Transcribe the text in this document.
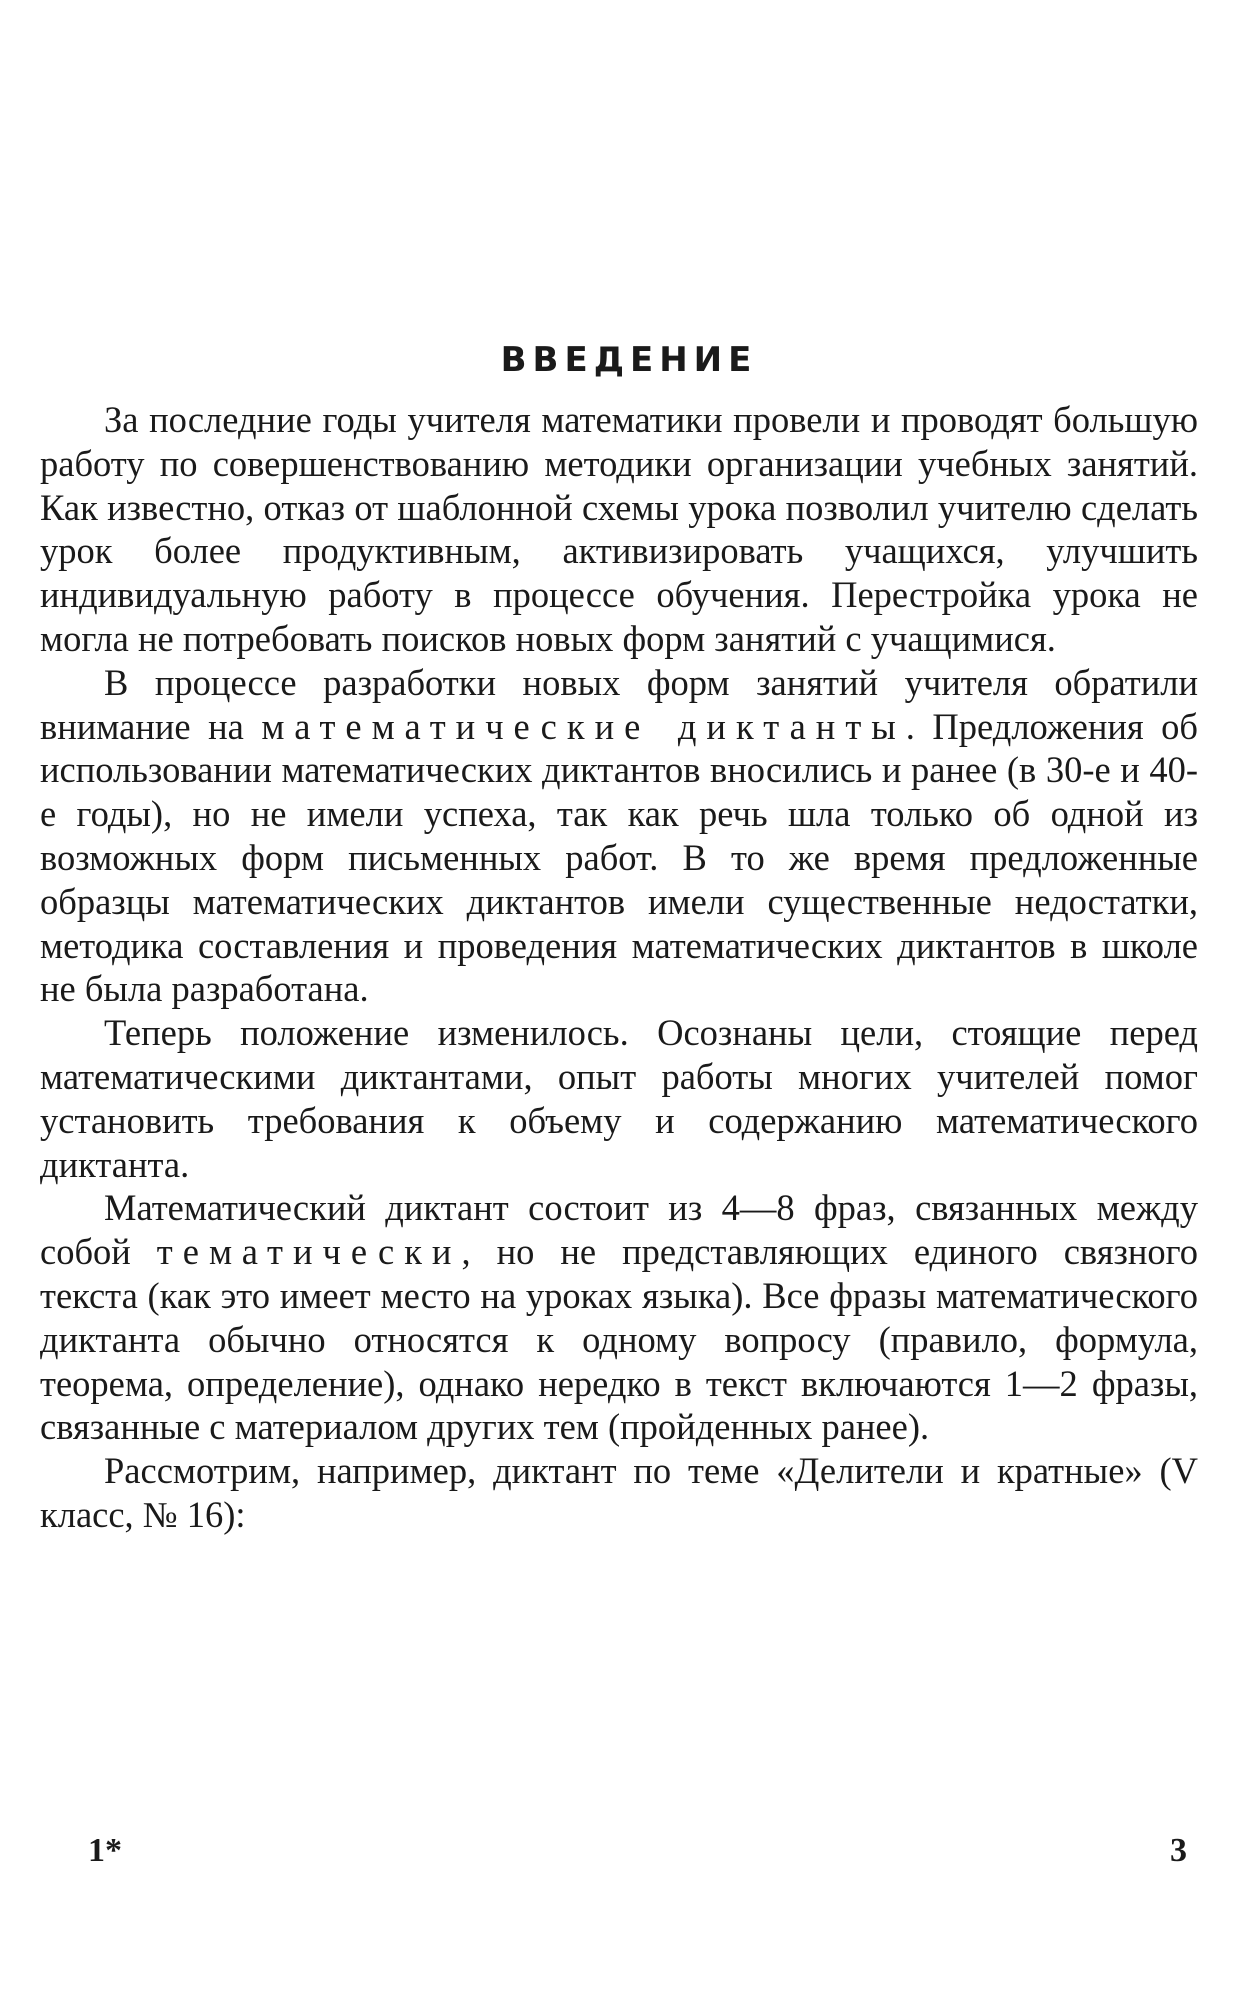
ВВЕДЕНИЕ

За последние годы учителя математики провели и проводят большую работу по совершенствованию методики организации учебных занятий. Как известно, отказ от шаблонной схемы урока позволил учителю сделать урок более продуктивным, активизировать учащихся, улучшить индивидуальную работу в процессе обучения. Перестройка урока не могла не потребовать поисков новых форм занятий с учащимися.

В процессе разработки новых форм занятий учителя обратили внимание на математические диктанты. Предложения об использовании математических диктантов вносились и ранее (в 30-е и 40-е годы), но не имели успеха, так как речь шла только об одной из возможных форм письменных работ. В то же время предложенные образцы математических диктантов имели существенные недостатки, методика составления и проведения математических диктантов в школе не была разработана.

Теперь положение изменилось. Осознаны цели, стоящие перед математическими диктантами, опыт работы многих учителей помог установить требования к объему и содержанию математического диктанта.

Математический диктант состоит из 4—8 фраз, связанных между собой тематически, но не представляющих единого связного текста (как это имеет место на уроках языка). Все фразы математического диктанта обычно относятся к одному вопросу (правило, формула, теорема, определение), однако нередко в текст включаются 1—2 фразы, связанные с материалом других тем (пройденных ранее).

Рассмотрим, например, диктант по теме «Делители и кратные» (V класс, № 16):

1*	3
